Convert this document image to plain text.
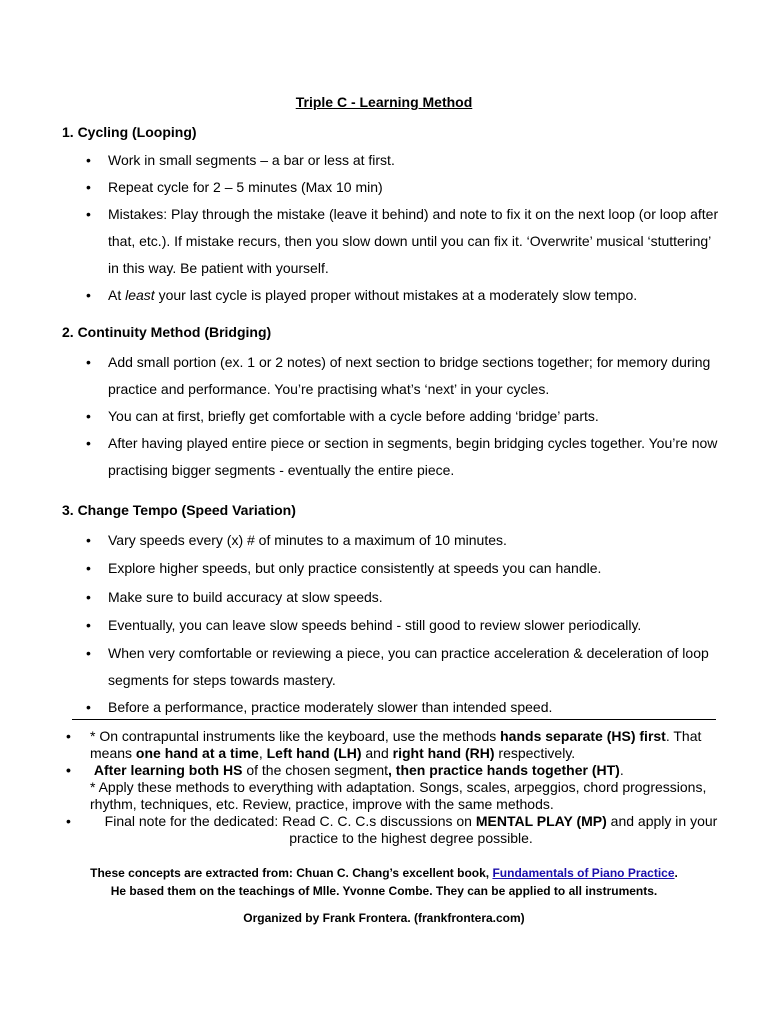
Triple C - Learning Method
1. Cycling (Looping)
• Work in small segments – a bar or less at first.
• Repeat cycle for 2 – 5 minutes (Max 10 min)
• Mistakes: Play through the mistake (leave it behind) and note to fix it on the next loop (or loop after that, etc.). If mistake recurs, then you slow down until you can fix it. ‘Overwrite’ musical ‘stuttering’ in this way. Be patient with yourself.
• At least your last cycle is played proper without mistakes at a moderately slow tempo.
2. Continuity Method (Bridging)
• Add small portion (ex. 1 or 2 notes) of next section to bridge sections together; for memory during practice and performance. You’re practising what’s ‘next’ in your cycles.
• You can at first, briefly get comfortable with a cycle before adding ‘bridge’ parts.
• After having played entire piece or section in segments, begin bridging cycles together. You’re now practising bigger segments - eventually the entire piece.
3. Change Tempo (Speed Variation)
• Vary speeds every (x) # of minutes to a maximum of 10 minutes.
• Explore higher speeds, but only practice consistently at speeds you can handle.
• Make sure to build accuracy at slow speeds.
• Eventually, you can leave slow speeds behind - still good to review slower periodically.
• When very comfortable or reviewing a piece, you can practice acceleration & deceleration of loop segments for steps towards mastery.
• Before a performance, practice moderately slower than intended speed.
• * On contrapuntal instruments like the keyboard, use the methods hands separate (HS) first. That means one hand at a time, Left hand (LH) and right hand (RH) respectively.
• After learning both HS of the chosen segment, then practice hands together (HT).
* Apply these methods to everything with adaptation. Songs, scales, arpeggios, chord progressions, rhythm, techniques, etc. Review, practice, improve with the same methods.
• Final note for the dedicated: Read C. C. C.s discussions on MENTAL PLAY (MP) and apply in your practice to the highest degree possible.
These concepts are extracted from: Chuan C. Chang’s excellent book, Fundamentals of Piano Practice.
He based them on the teachings of Mlle. Yvonne Combe. They can be applied to all instruments.
Organized by Frank Frontera. (frankfrontera.com)
